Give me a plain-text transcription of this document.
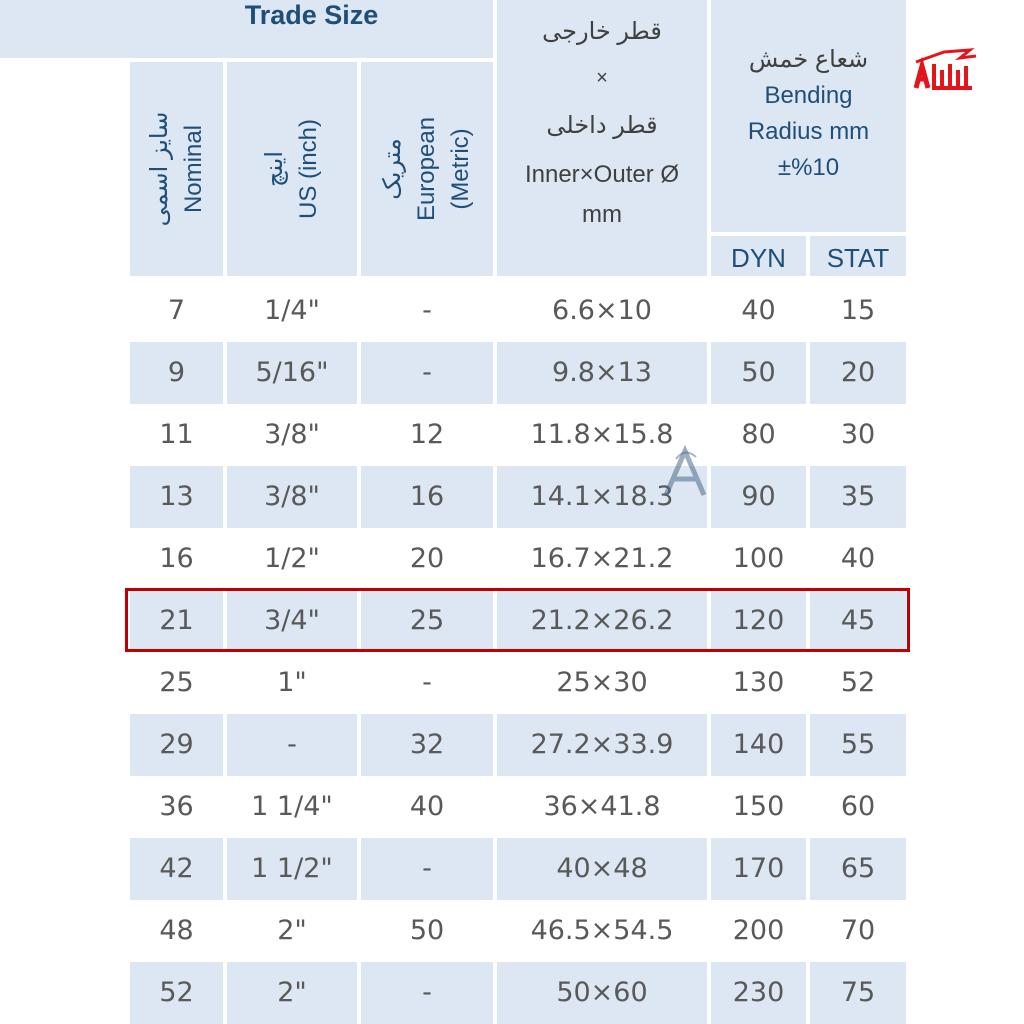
Trade Size
سایز اسمی Nominal اینچ US (inch) متریک European (Metric)
قطر خارجی
×
قطر داخلی
Inner×Outer Ø
mm
شعاع خمش
Bending
Radius mm
±%10
DYN	STAT
7	1/4"	-	6.6×10	40	15
9	5/16"	-	9.8×13	50	20
11	3/8"	12	11.8×15.8	80	30
13	3/8"	16	14.1×18.3	90	35
16	1/2"	20	16.7×21.2	100	40
21	3/4"	25	21.2×26.2	120	45
25	1"	-	25×30	130	52
29	-	32	27.2×33.9	140	55
36	1 1/4"	40	36×41.8	150	60
42	1 1/2"	-	40×48	170	65
48	2"	50	46.5×54.5	200	70
52	2"	-	50×60	230	75
